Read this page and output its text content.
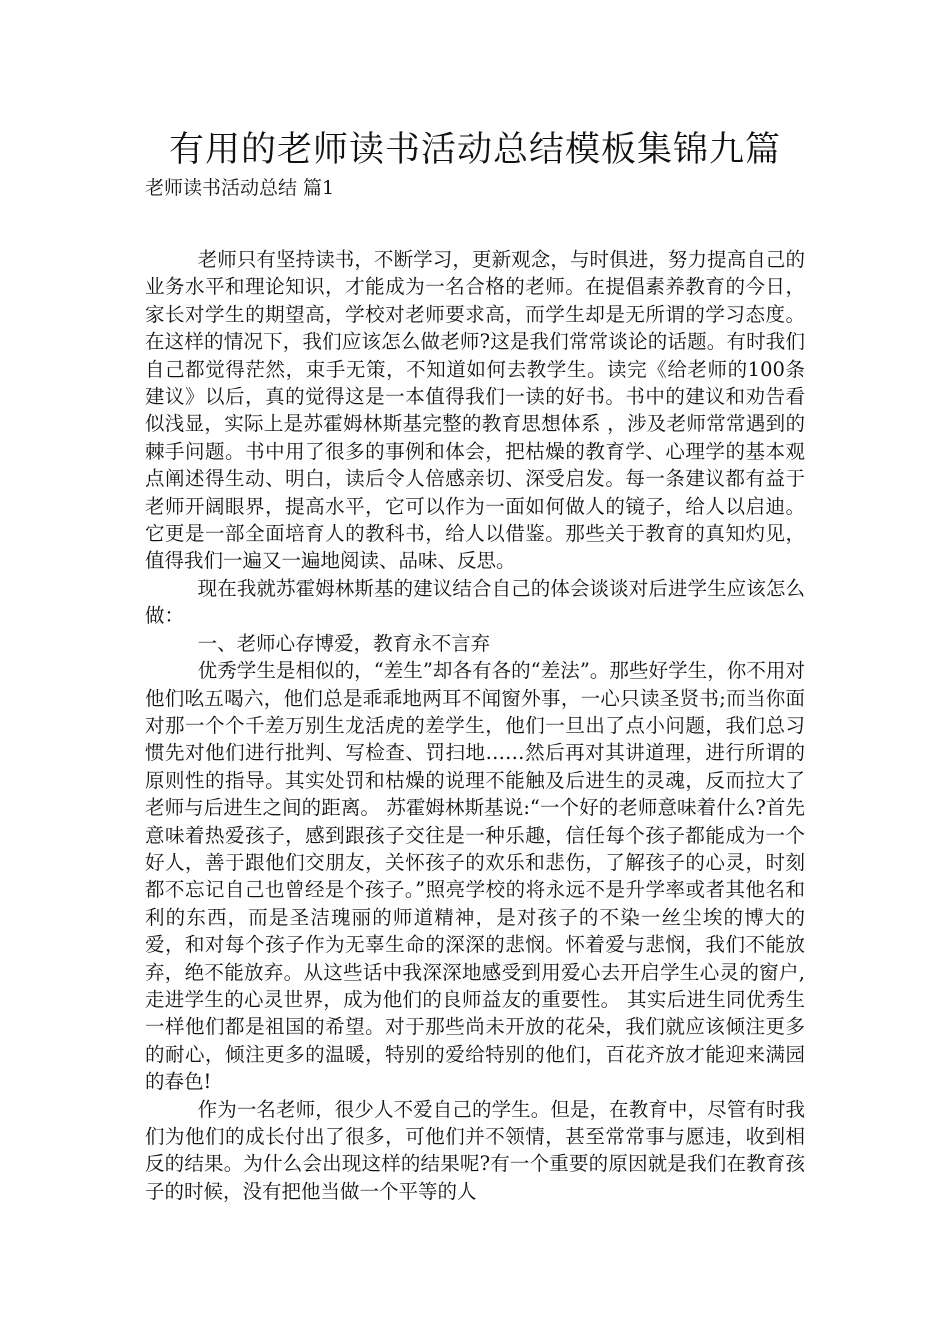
有用的老师读书活动总结模板集锦九篇
老师读书活动总结 篇1

老师只有坚持读书，不断学习，更新观念，与时俱进，努力提高自己的业务水平和理论知识，才能成为一名合格的老师。在提倡素养教育的今日，家长对学生的期望高，学校对老师要求高，而学生却是无所谓的学习态度。在这样的情况下，我们应该怎么做老师?这是我们常常谈论的话题。有时我们自己都觉得茫然，束手无策，不知道如何去教学生。读完《给老师的100条建议》以后，真的觉得这是一本值得我们一读的好书。书中的建议和劝告看似浅显，实际上是苏霍姆林斯基完整的教育思想体系 ，涉及老师常常遇到的棘手问题。书中用了很多的事例和体会，把枯燥的教育学、心理学的基本观点阐述得生动、明白，读后令人倍感亲切、深受启发。每一条建议都有益于老师开阔眼界，提高水平，它可以作为一面如何做人的镜子，给人以启迪。它更是一部全面培育人的教科书，给人以借鉴。那些关于教育的真知灼见，值得我们一遍又一遍地阅读、品味、反思。

现在我就苏霍姆林斯基的建议结合自己的体会谈谈对后进学生应该怎么做：

一、老师心存博爱，教育永不言弃

优秀学生是相似的，“差生”却各有各的“差法”。那些好学生，你不用对他们吆五喝六，他们总是乖乖地两耳不闻窗外事，一心只读圣贤书;而当你面对那一个个千差万别生龙活虎的差学生，他们一旦出了点小问题，我们总习惯先对他们进行批判、写检查、罚扫地……然后再对其讲道理，进行所谓的原则性的指导。其实处罚和枯燥的说理不能触及后进生的灵魂，反而拉大了老师与后进生之间的距离。 苏霍姆林斯基说:“一个好的老师意味着什么?首先意味着热爱孩子，感到跟孩子交往是一种乐趣，信任每个孩子都能成为一个好人，善于跟他们交朋友，关怀孩子的欢乐和悲伤，了解孩子的心灵，时刻都不忘记自己也曾经是个孩子。”照亮学校的将永远不是升学率或者其他名和利的东西，而是圣洁瑰丽的师道精神，是对孩子的不染一丝尘埃的博大的爱，和对每个孩子作为无辜生命的深深的悲悯。怀着爱与悲悯，我们不能放弃，绝不能放弃。从这些话中我深深地感受到用爱心去开启学生心灵的窗户,走进学生的心灵世界，成为他们的良师益友的重要性。 其实后进生同优秀生一样他们都是祖国的希望。对于那些尚未开放的花朵，我们就应该倾注更多的耐心，倾注更多的温暖，特别的爱给特别的他们，百花齐放才能迎来满园的春色!

作为一名老师，很少人不爱自己的学生。但是，在教育中，尽管有时我们为他们的成长付出了很多，可他们并不领情，甚至常常事与愿违，收到相反的结果。为什么会出现这样的结果呢?有一个重要的原因就是我们在教育孩子的时候，没有把他当做一个平等的人
